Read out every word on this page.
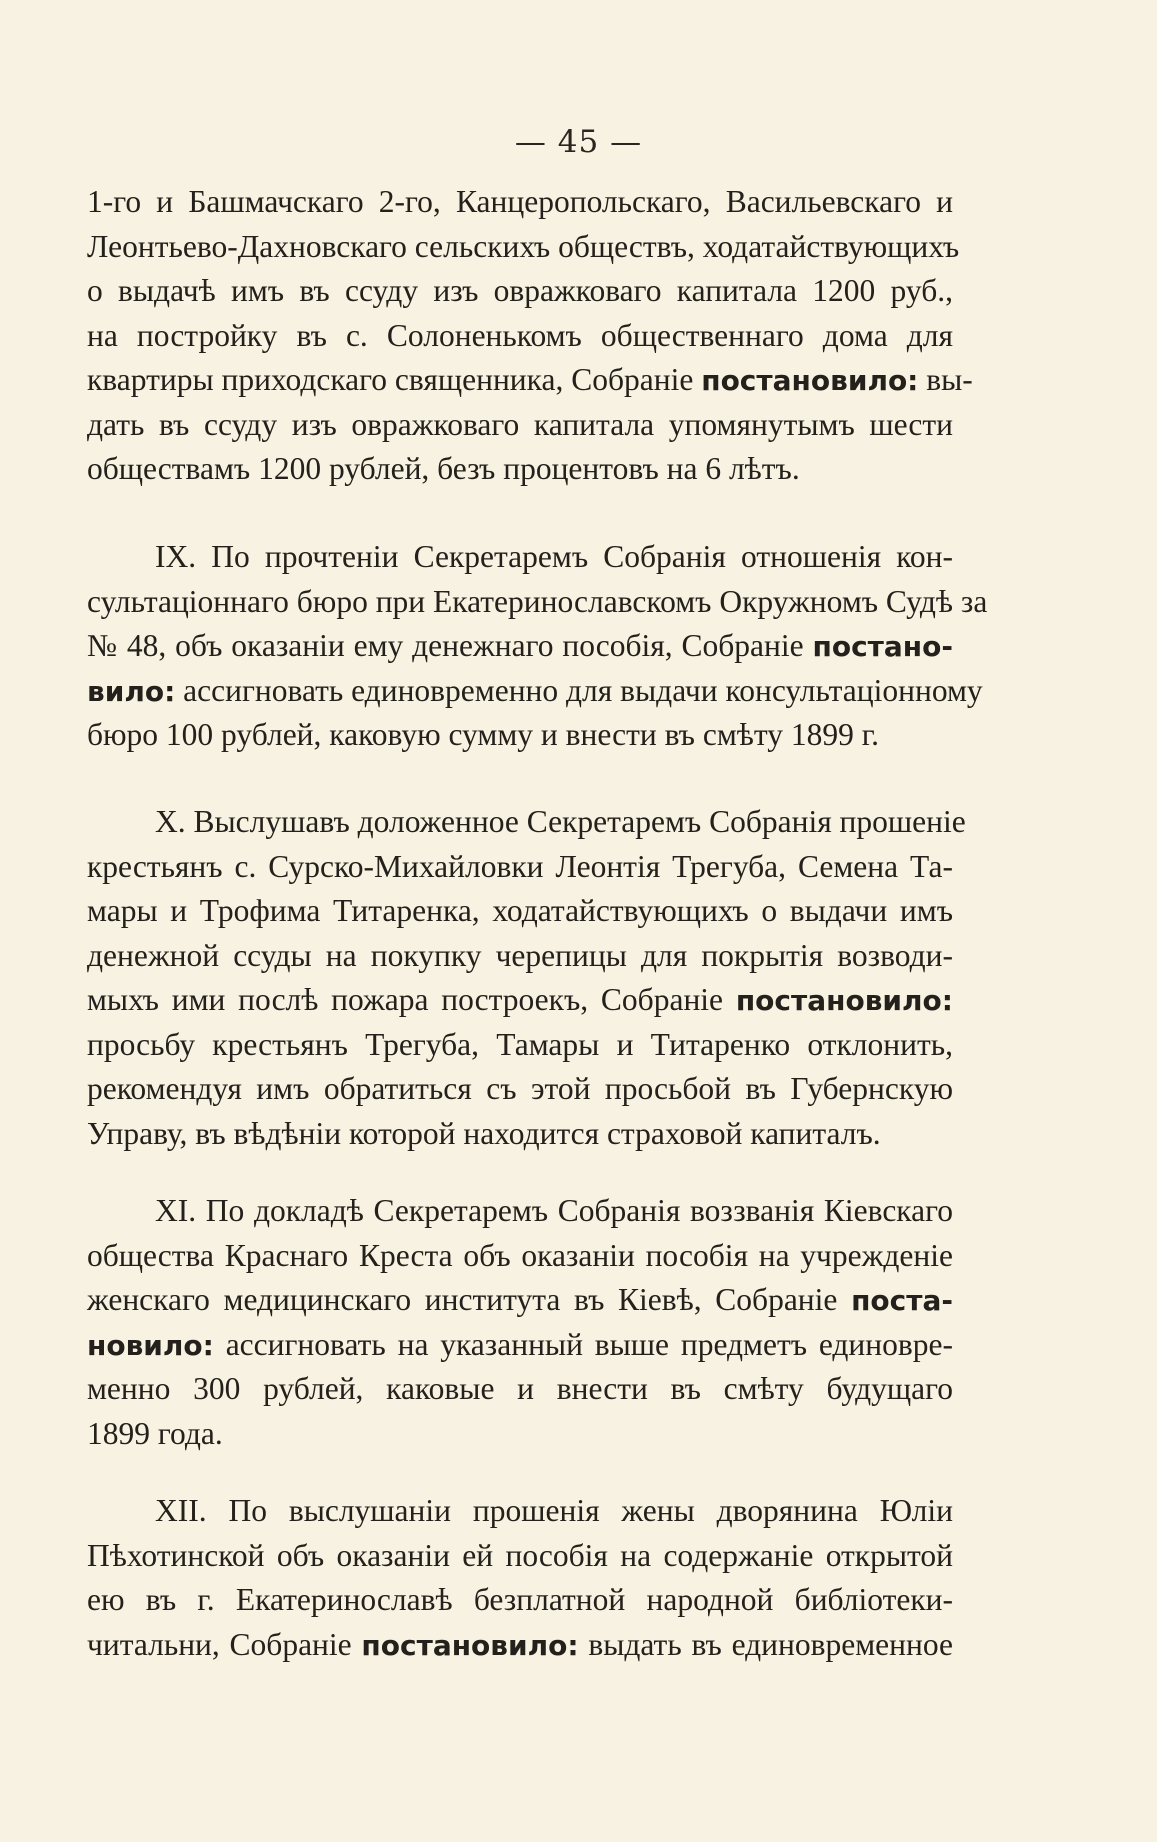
— 45 —
1-го и Башмачскаго 2-го, Канцеропольскаго, Васильевскаго и
Леонтьево-Дахновскаго сельскихъ обществъ, ходатайствующихъ
о выдачѣ имъ въ ссуду изъ овражковаго капитала 1200 руб.,
на постройку въ с. Солоненькомъ общественнаго дома для
квартиры приходскаго священника, Собраніе постановило: вы-
дать въ ссуду изъ овражковаго капитала упомянутымъ шести
обществамъ 1200 рублей, безъ процентовъ на 6 лѣтъ.
IX. По прочтеніи Секретаремъ Собранія отношенія кон-
сультаціоннаго бюро при Екатеринославскомъ Окружномъ Судѣ за
№ 48, объ оказаніи ему денежнаго пособія, Собраніе постано-
вило: ассигновать единовременно для выдачи консультаціонному
бюро 100 рублей, каковую сумму и внести въ смѣту 1899 г.
X. Выслушавъ доложенное Секретаремъ Собранія прошеніе
крестьянъ с. Сурско-Михайловки Леонтія Трегуба, Семена Та-
мары и Трофима Титаренка, ходатайствующихъ о выдачи имъ
денежной ссуды на покупку черепицы для покрытія возводи-
мыхъ ими послѣ пожара построекъ, Собраніе постановило:
просьбу крестьянъ Трегуба, Тамары и Титаренко отклонить,
рекомендуя имъ обратиться съ этой просьбой въ Губернскую
Управу, въ вѣдѣніи которой находится страховой капиталъ.
XI. По докладѣ Секретаремъ Собранія воззванія Кіевскаго
общества Краснаго Креста объ оказаніи пособія на учрежденіе
женскаго медицинскаго института въ Кіевѣ, Собраніе поста-
новило: ассигновать на указанный выше предметъ единовре-
менно 300 рублей, каковые и внести въ смѣту будущаго
1899 года.
XII. По выслушаніи прошенія жены дворянина Юліи
Пѣхотинской объ оказаніи ей пособія на содержаніе открытой
ею въ г. Екатеринославѣ безплатной народной библіотеки-
читальни, Собраніе постановило: выдать въ единовременное
